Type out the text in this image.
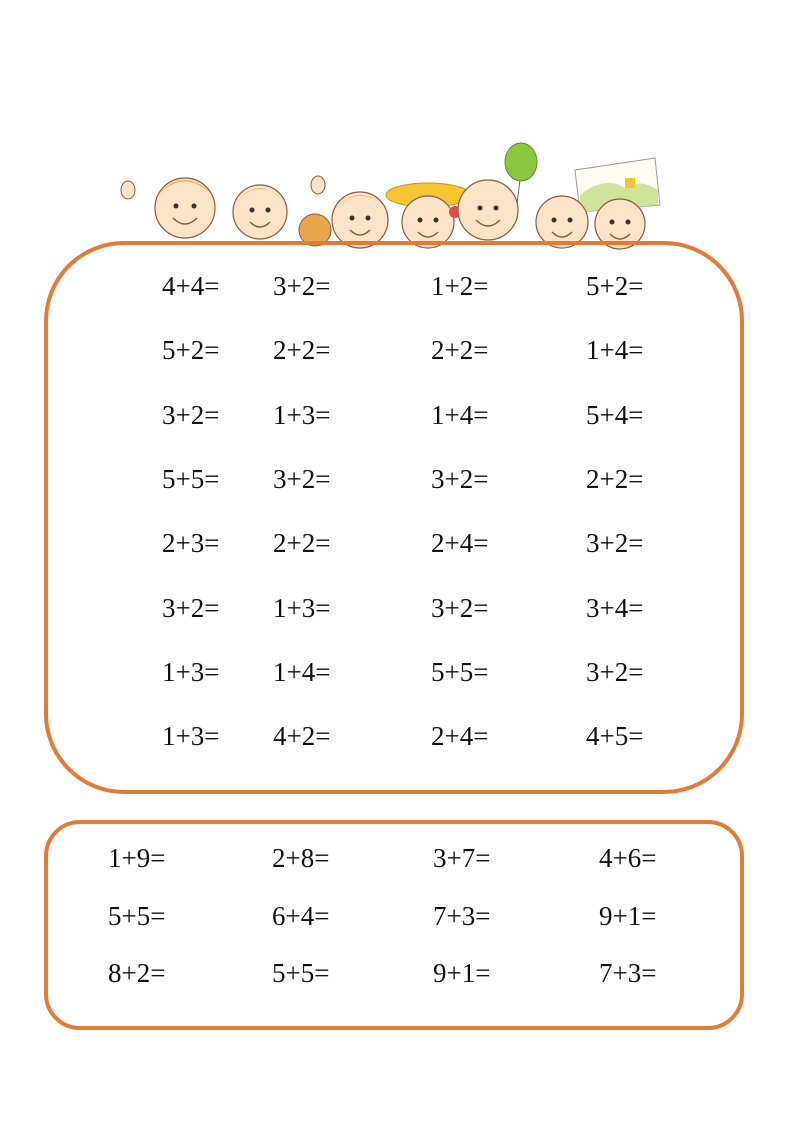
4+4= 3+2=	1+2=	5+2=
5+2= 2+2=	2+2=	1+4=
3+2= 1+3=	1+4=	5+4=
5+5= 3+2=	3+2=	2+2=
2+3= 2+2=	2+4=	3+2=
3+2= 1+3=	3+2=	3+4=
1+3= 1+4=	5+5=	3+2=
1+3= 4+2=	2+4=	4+5=
1+9=	2+8=	3+7=	4+6=
5+5=	6+4=	7+3=	9+1=
8+2=	5+5=	9+1=	7+3=
